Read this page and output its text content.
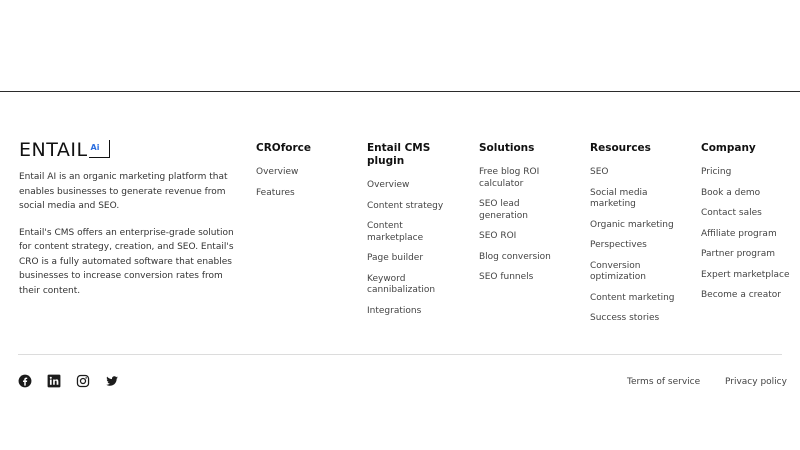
ENTAIL Ai

Entail AI is an organic marketing platform that enables businesses to generate revenue from social media and SEO.

Entail's CMS offers an enterprise-grade solution for content strategy, creation, and SEO. Entail's CRO is a fully automated software that enables businesses to increase conversion rates from their content.

CROforce
Overview
Features
Entail CMS plugin
Overview
Content strategy
Content marketplace
Page builder
Keyword cannibalization
Integrations
Solutions
Free blog ROI calculator
SEO lead generation
SEO ROI
Blog conversion
SEO funnels
Resources
SEO
Social media marketing
Organic marketing
Perspectives
Conversion optimization
Content marketing
Success stories
Company
Pricing
Book a demo
Contact sales
Affiliate program
Partner program
Expert marketplace
Become a creator
Terms of service	Privacy policy
